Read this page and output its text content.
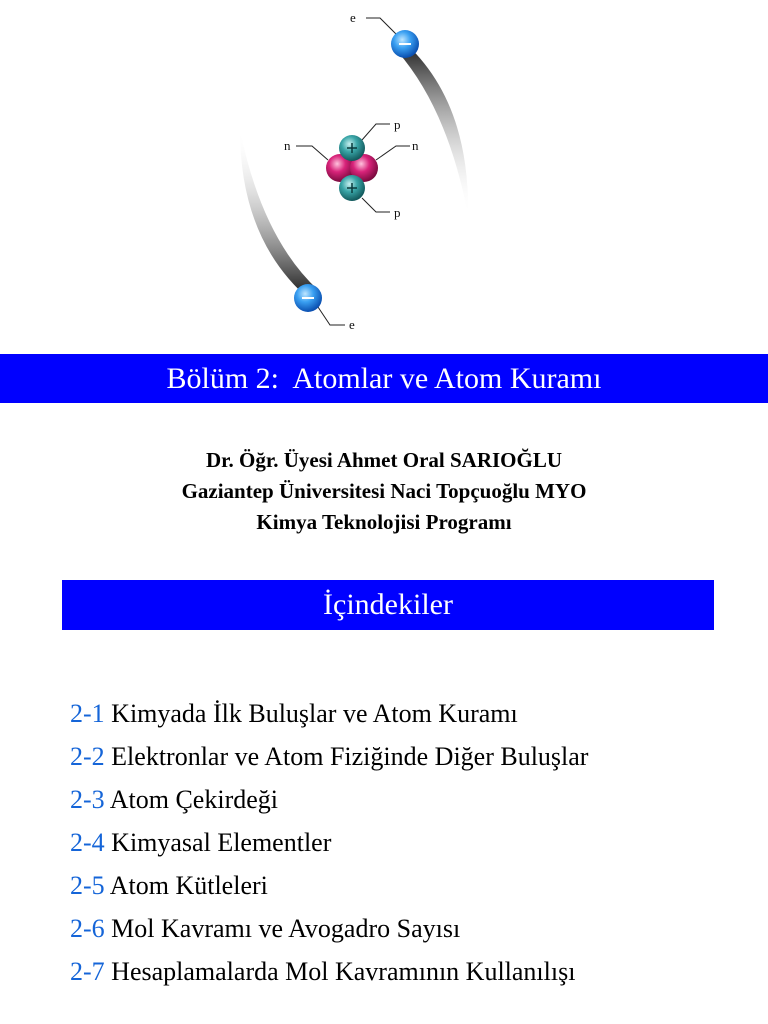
e
e
p
p
n	n
Bölüm 2:  Atomlar ve Atom Kuramı
Dr. Öğr. Üyesi Ahmet Oral SARIOĞLU
Gaziantep Üniversitesi Naci Topçuoğlu MYO
Kimya Teknolojisi Programı
İçindekiler
2-1 Kimyada İlk Buluşlar ve Atom Kuramı
2-2 Elektronlar ve Atom Fiziğinde Diğer Buluşlar
2-3 Atom Çekirdeği
2-4 Kimyasal Elementler
2-5 Atom Kütleleri
2-6 Mol Kavramı ve Avogadro Sayısı
2-7 Hesaplamalarda Mol Kavramının Kullanılışı
